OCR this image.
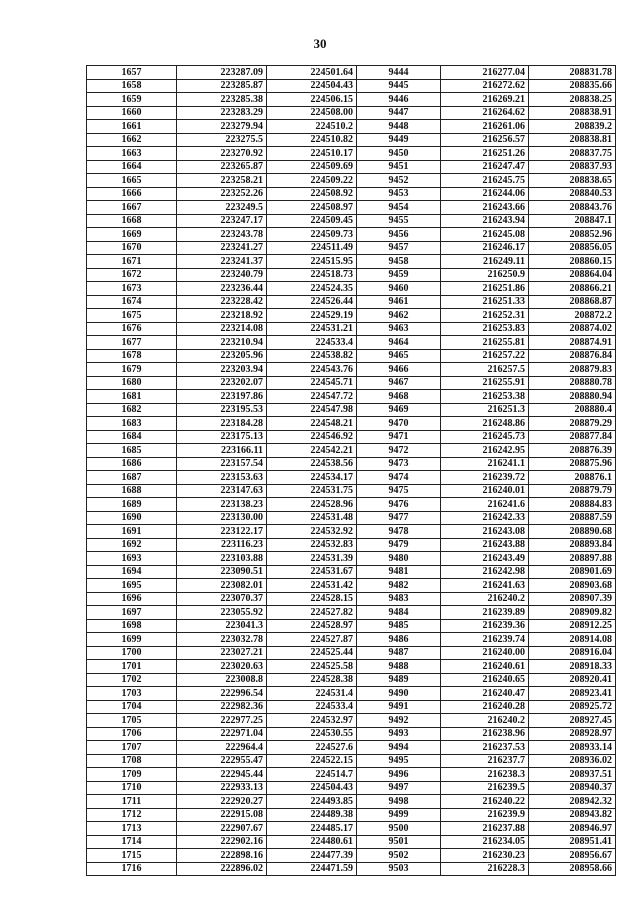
30
1657	223287.09	224501.64	9444	216277.04	208831.78
1658	223285.87	224504.43	9445	216272.62	208835.66
1659	223285.38	224506.15	9446	216269.21	208838.25
1660	223283.29	224508.00	9447	216264.62	208838.91
1661	223279.94	224510.2	9448	216261.06	208839.2
1662	223275.5	224510.82	9449	216256.57	208838.81
1663	223270.92	224510.17	9450	216251.26	208837.75
1664	223265.87	224509.69	9451	216247.47	208837.93
1665	223258.21	224509.22	9452	216245.75	208838.65
1666	223252.26	224508.92	9453	216244.06	208840.53
1667	223249.5	224508.97	9454	216243.66	208843.76
1668	223247.17	224509.45	9455	216243.94	208847.1
1669	223243.78	224509.73	9456	216245.08	208852.96
1670	223241.27	224511.49	9457	216246.17	208856.05
1671	223241.37	224515.95	9458	216249.11	208860.15
1672	223240.79	224518.73	9459	216250.9	208864.04
1673	223236.44	224524.35	9460	216251.86	208866.21
1674	223228.42	224526.44	9461	216251.33	208868.87
1675	223218.92	224529.19	9462	216252.31	208872.2
1676	223214.08	224531.21	9463	216253.83	208874.02
1677	223210.94	224533.4	9464	216255.81	208874.91
1678	223205.96	224538.82	9465	216257.22	208876.84
1679	223203.94	224543.76	9466	216257.5	208879.83
1680	223202.07	224545.71	9467	216255.91	208880.78
1681	223197.86	224547.72	9468	216253.38	208880.94
1682	223195.53	224547.98	9469	216251.3	208880.4
1683	223184.28	224548.21	9470	216248.86	208879.29
1684	223175.13	224546.92	9471	216245.73	208877.84
1685	223166.11	224542.21	9472	216242.95	208876.39
1686	223157.54	224538.56	9473	216241.1	208875.96
1687	223153.63	224534.17	9474	216239.72	208876.1
1688	223147.63	224531.75	9475	216240.01	208879.79
1689	223138.23	224528.96	9476	216241.6	208884.83
1690	223130.00	224531.48	9477	216242.33	208887.59
1691	223122.17	224532.92	9478	216243.08	208890.68
1692	223116.23	224532.83	9479	216243.88	208893.84
1693	223103.88	224531.39	9480	216243.49	208897.88
1694	223090.51	224531.67	9481	216242.98	208901.69
1695	223082.01	224531.42	9482	216241.63	208903.68
1696	223070.37	224528.15	9483	216240.2	208907.39
1697	223055.92	224527.82	9484	216239.89	208909.82
1698	223041.3	224528.97	9485	216239.36	208912.25
1699	223032.78	224527.87	9486	216239.74	208914.08
1700	223027.21	224525.44	9487	216240.00	208916.04
1701	223020.63	224525.58	9488	216240.61	208918.33
1702	223008.8	224528.38	9489	216240.65	208920.41
1703	222996.54	224531.4	9490	216240.47	208923.41
1704	222982.36	224533.4	9491	216240.28	208925.72
1705	222977.25	224532.97	9492	216240.2	208927.45
1706	222971.04	224530.55	9493	216238.96	208928.97
1707	222964.4	224527.6	9494	216237.53	208933.14
1708	222955.47	224522.15	9495	216237.7	208936.02
1709	222945.44	224514.7	9496	216238.3	208937.51
1710	222933.13	224504.43	9497	216239.5	208940.37
1711	222920.27	224493.85	9498	216240.22	208942.32
1712	222915.08	224489.38	9499	216239.9	208943.82
1713	222907.67	224485.17	9500	216237.88	208946.97
1714	222902.16	224480.61	9501	216234.05	208951.41
1715	222898.16	224477.39	9502	216230.23	208956.67
1716	222896.02	224471.59	9503	216228.3	208958.66
